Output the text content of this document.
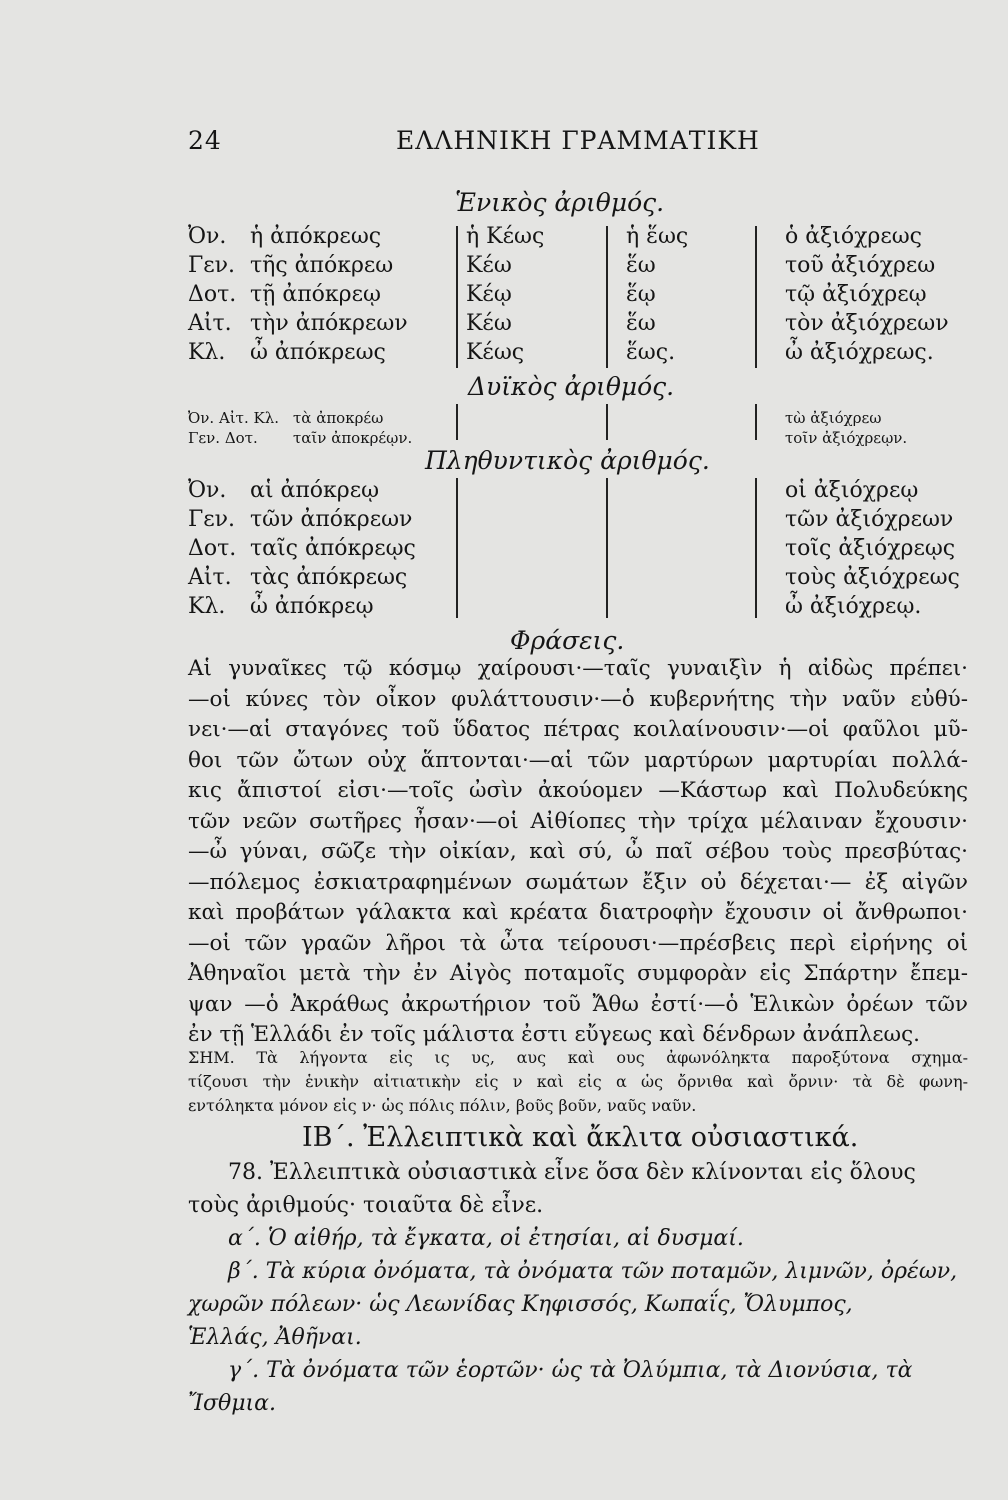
24	ΕΛΛΗΝΙΚΗ ΓΡΑΜΜΑΤΙΚΗ
Ἑνικὸς ἀριθμός.
Ὀν.	ἡ ἀπόκρεως	ἡ Κέως	ἡ ἕως	ὁ ἀξιόχρεως
Γεν.	τῆς ἀπόκρεω	Κέω	ἕω	τοῦ ἀξιόχρεω
Δοτ.	τῇ ἀπόκρεῳ	Κέῳ	ἕῳ	τῷ ἀξιόχρεῳ
Αἰτ.	τὴν ἀπόκρεων	Κέω	ἕω	τὸν ἀξιόχρεων
Κλ.	ὦ ἀπόκρεως	Κέως	ἕως.	ὦ ἀξιόχρεως.
Δυϊκὸς ἀριθμός.
Ὀν. Αἰτ. Κλ.	τὰ ἀποκρέω			τὼ ἀξιόχρεω
Γεν. Δοτ.	ταῖν ἀποκρέῳν.			τοῖν ἀξιόχρεῳν.
Πληθυντικὸς ἀριθμός.
Ὀν.	αἱ ἀπόκρεῳ			οἱ ἀξιόχρεῳ
Γεν.	τῶν ἀπόκρεων			τῶν ἀξιόχρεων
Δοτ.	ταῖς ἀπόκρεῳς			τοῖς ἀξιόχρεῳς
Αἰτ.	τὰς ἀπόκρεως			τοὺς ἀξιόχρεως
Κλ.	ὦ ἀπόκρεῳ			ὦ ἀξιόχρεῳ.
Φράσεις.
Αἱ γυναῖκες τῷ κόσμῳ χαίρουσι·—ταῖς γυναιξὶν ἡ αἰδὼς πρέπει·
—οἱ κύνες τὸν οἶκον φυλάττουσιν·—ὁ κυβερνήτης τὴν ναῦν εὐθύ-
νει·—αἱ σταγόνες τοῦ ὕδατος πέτρας κοιλαίνουσιν·—οἱ φαῦλοι μῦ-
θοι τῶν ὤτων οὐχ ἅπτονται·—αἱ τῶν μαρτύρων μαρτυρίαι πολλά-
κις ἄπιστοί εἰσι·—τοῖς ὠσὶν ἀκούομεν —Κάστωρ καὶ Πολυδεύκης
τῶν νεῶν σωτῆρες ἦσαν·—οἱ Αἰθίοπες τὴν τρίχα μέλαιναν ἔχουσιν·
—ὦ γύναι, σῶζε τὴν οἰκίαν, καὶ σύ, ὦ παῖ σέβου τοὺς πρεσβύτας·
—πόλεμος ἐσκιατραφημένων σωμάτων ἔξιν οὐ δέχεται·— ἐξ αἰγῶν
καὶ προβάτων γάλακτα καὶ κρέατα διατροφὴν ἔχουσιν οἱ ἄνθρωποι·
—οἱ τῶν γραῶν λῆροι τὰ ὦτα τείρουσι·—πρέσβεις περὶ εἰρήνης οἱ
Ἀθηναῖοι μετὰ τὴν ἐν Αἰγὸς ποταμοῖς συμφορὰν εἰς Σπάρτην ἔπεμ-
ψαν —ὁ Ἀκράθως ἀκρωτήριον τοῦ Ἄθω ἐστί·—ὁ Ἑλικὼν ὀρέων τῶν
ἐν τῇ Ἑλλάδι ἐν τοῖς μάλιστα ἐστι εὔγεως καὶ δένδρων ἀνάπλεως.
ΣΗΜ. Τὰ λήγοντα εἰς ις υς, αυς καὶ ους ἀφωνόληκτα παροξύτονα σχημα-
τίζουσι τὴν ἑνικὴν αἰτιατικὴν εἰς ν καὶ εἰς α ὡς ὄρνιθα καὶ ὄρνιν· τὰ δὲ φωνη-
εντόληκτα μόνον εἰς ν· ὡς πόλις πόλιν, βοῦς βοῦν, ναῦς ναῦν.
ΙΒ΄. Ἐλλειπτικὰ καὶ ἄκλιτα οὐσιαστικά.
78. Ἐλλειπτικὰ οὐσιαστικὰ εἶνε ὅσα δὲν κλίνονται εἰς ὅλους
τοὺς ἀριθμούς· τοιαῦτα δὲ εἶνε.
α΄. Ὁ αἰθήρ, τὰ ἔγκατα, οἱ ἐτησίαι, αἱ δυσμαί.
β΄. Τὰ κύρια ὀνόματα, τὰ ὀνόματα τῶν ποταμῶν, λιμνῶν, ὀρέων,
χωρῶν πόλεων· ὡς Λεωνίδας Κηφισσός, Κωπαΐς, Ὄλυμπος,
Ἑλλάς, Ἀθῆναι.
γ΄. Τὰ ὀνόματα τῶν ἑορτῶν· ὡς τὰ Ὀλύμπια, τὰ Διονύσια, τὰ
Ἴσθμια.
